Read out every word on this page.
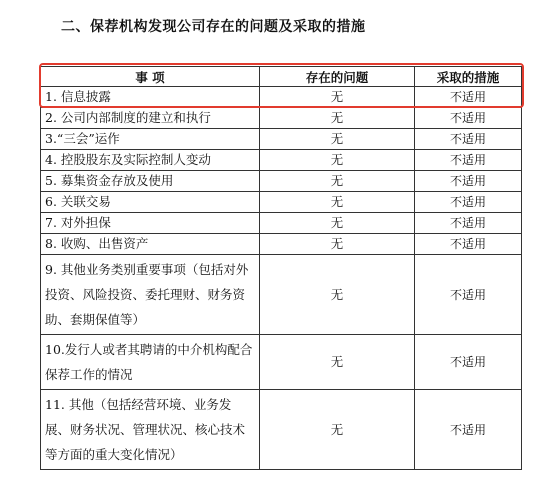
二、保荐机构发现公司存在的问题及采取的措施
事 项	存在的问题	采取的措施
1. 信息披露	无	不适用
2. 公司内部制度的建立和执行	无	不适用
3.“三会”运作	无	不适用
4. 控股股东及实际控制人变动	无	不适用
5. 募集资金存放及使用	无	不适用
6. 关联交易	无	不适用
7. 对外担保	无	不适用
8. 收购、出售资产	无	不适用
9. 其他业务类别重要事项（包括对外投资、风险投资、委托理财、财务资助、套期保值等）	无	不适用
10.发行人或者其聘请的中介机构配合保荐工作的情况	无	不适用
11. 其他（包括经营环境、业务发展、财务状况、管理状况、核心技术等方面的重大变化情况）	无	不适用
